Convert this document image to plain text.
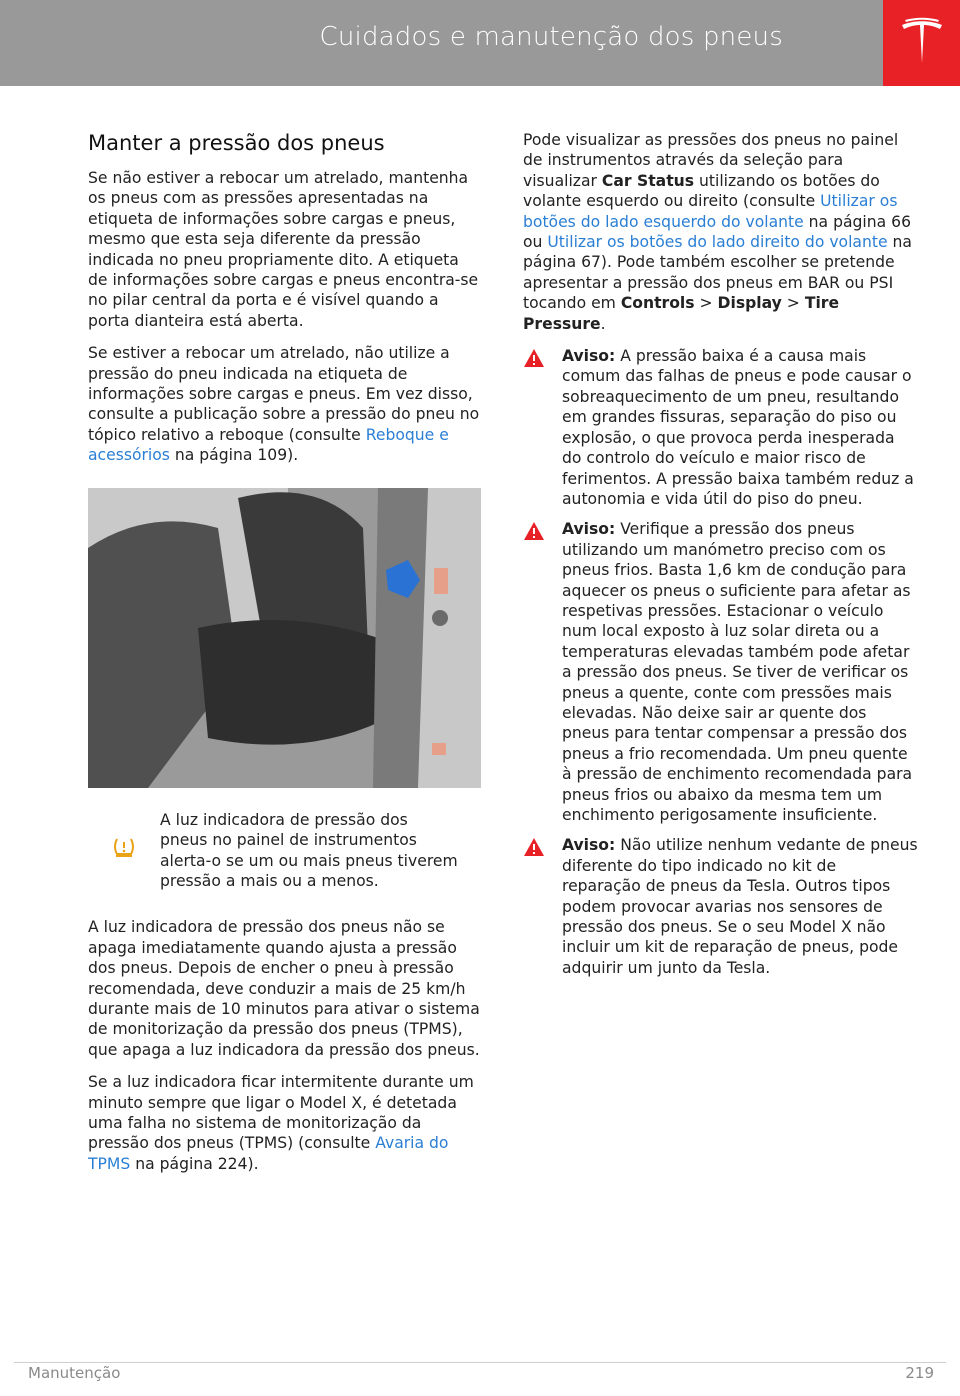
Cuidados e manutenção dos pneus
Manter a pressão dos pneus

Se não estiver a rebocar um atrelado, mantenha os pneus com as pressões apresentadas na etiqueta de informações sobre cargas e pneus, mesmo que esta seja diferente da pressão indicada no pneu propriamente dito. A etiqueta de informações sobre cargas e pneus encontra-se no pilar central da porta e é visível quando a porta dianteira está aberta.

Se estiver a rebocar um atrelado, não utilize a pressão do pneu indicada na etiqueta de informações sobre cargas e pneus. Em vez disso, consulte a publicação sobre a pressão do pneu no tópico relativo a reboque (consulte Reboque e acessórios na página 109).

A luz indicadora de pressão dos pneus no painel de instrumentos alerta-o se um ou mais pneus tiverem pressão a mais ou a menos.

A luz indicadora de pressão dos pneus não se apaga imediatamente quando ajusta a pressão dos pneus. Depois de encher o pneu à pressão recomendada, deve conduzir a mais de 25 km/h durante mais de 10 minutos para ativar o sistema de monitorização da pressão dos pneus (TPMS), que apaga a luz indicadora da pressão dos pneus.

Se a luz indicadora ficar intermitente durante um minuto sempre que ligar o Model X, é detetada uma falha no sistema de monitorização da pressão dos pneus (TPMS) (consulte Avaria do TPMS na página 224).

Pode visualizar as pressões dos pneus no painel de instrumentos através da seleção para visualizar Car Status utilizando os botões do volante esquerdo ou direito (consulte Utilizar os botões do lado esquerdo do volante na página 66 ou Utilizar os botões do lado direito do volante na página 67). Pode também escolher se pretende apresentar a pressão dos pneus em BAR ou PSI tocando em Controls > Display > Tire Pressure.

Aviso: A pressão baixa é a causa mais comum das falhas de pneus e pode causar o sobreaquecimento de um pneu, resultando em grandes fissuras, separação do piso ou explosão, o que provoca perda inesperada do controlo do veículo e maior risco de ferimentos. A pressão baixa também reduz a autonomia e vida útil do piso do pneu.
Aviso: Verifique a pressão dos pneus utilizando um manómetro preciso com os pneus frios. Basta 1,6 km de condução para aquecer os pneus o suficiente para afetar as respetivas pressões. Estacionar o veículo num local exposto à luz solar direta ou a temperaturas elevadas também pode afetar a pressão dos pneus. Se tiver de verificar os pneus a quente, conte com pressões mais elevadas. Não deixe sair ar quente dos pneus para tentar compensar a pressão dos pneus a frio recomendada. Um pneu quente à pressão de enchimento recomendada para pneus frios ou abaixo da mesma tem um enchimento perigosamente insuficiente.
Aviso: Não utilize nenhum vedante de pneus diferente do tipo indicado no kit de reparação de pneus da Tesla. Outros tipos podem provocar avarias nos sensores de pressão dos pneus. Se o seu Model X não incluir um kit de reparação de pneus, pode adquirir um junto da Tesla.
Manutenção	219
